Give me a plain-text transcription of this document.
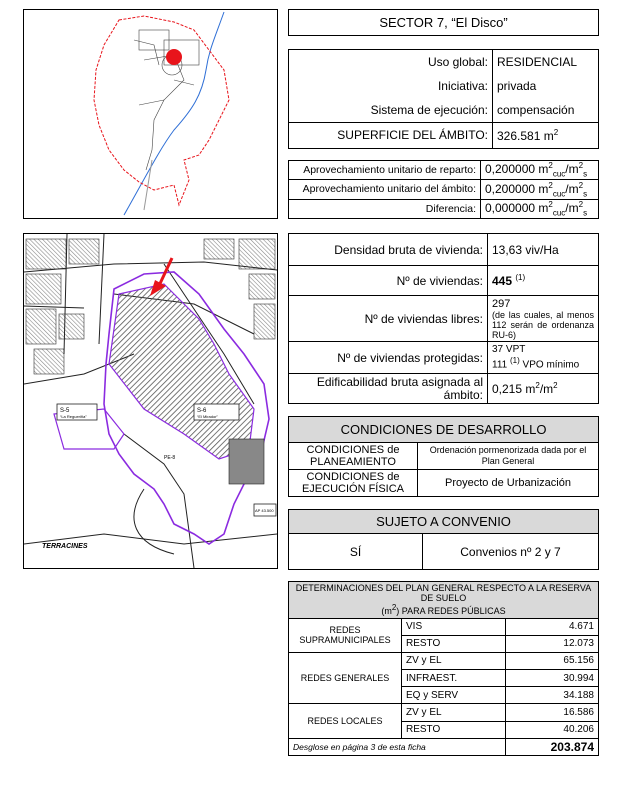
SECTOR 7, “El Disco”
Uso global:	RESIDENCIAL
Iniciativa:	privada
Sistema de ejecución:	compensación
SUPERFICIE DEL ÁMBITO:	326.581 $m^2$
Aprovechamiento unitario de reparto:	0,200000 $m^2_{cuc}/m^2_s$
Aprovechamiento unitario del ámbito:	0,200000 $m^2_{cuc}/m^2_s$
Diferencia:	0,000000 $m^2_{cuc}/m^2_s$
S-5
“La Regueriña”
S-6
“El Mirador”
AP 43.500
PE-8
TERRACINES
Densidad bruta de vivienda:	13,63 viv/Ha
Nº de viviendas:	445 $^{(1)}$
Nº de viviendas libres:	297

(de las cuales, al menos 112 serán de ordenanza RU-6)

Nº de viviendas protegidas:	37 VPT
111 $^{(1)}$ VPO mínimo
Edificabilidad bruta asignada al ámbito:	0,215 $m^2/m^2$
CONDICIONES DE DESARROLLO	
CONDICIONES de PLANEAMIENTO	Ordenación pormenorizada dada por el Plan General
CONDICIONES de EJECUCIÓN FÍSICA	Proyecto de Urbanización
SUJETO A CONVENIO
SÍ	Convenios nº 2 y 7
DETERMINACIONES DEL PLAN GENERAL RESPECTO A LA RESERVA DE SUELO
$(m^2)$ PARA REDES PÚBLICAS		
REDES SUPRAMUNICIPALES	VIS	4.671
	RESTO	12.073
REDES GENERALES	ZV y EL	65.156
	INFRAEST.	30.994
	EQ y SERV	34.188
REDES LOCALES	ZV y EL	16.586
	RESTO	40.206
Desglose en página 3 de esta ficha		203.874
